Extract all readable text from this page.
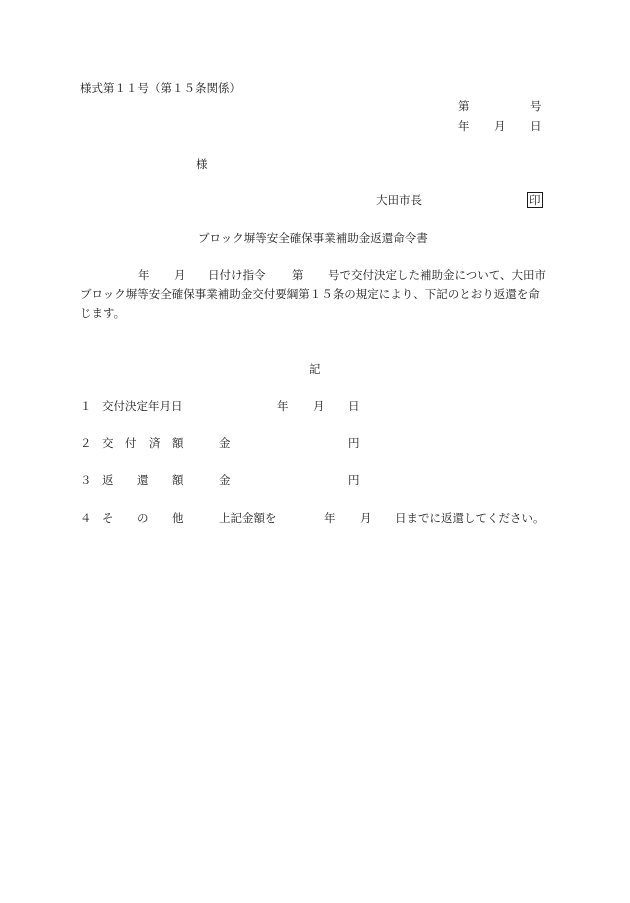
様式第１１号（第１５条関係）
第	号
年 月 日
様
大田市長	印
ブロック塀等安全確保事業補助金返還命令書
年 月 日付け指令 第 号で交付決定した補助金について、大田市
ブロック塀等安全確保事業補助金交付要綱第１５条の規定により、下記のとおり返還を命
じます。
記
１ 交付決定年月日	年 月 日
２ 交 付 済 額	金	円
３ 返 還 額	金	円
４ そ の 他	上記金額を	年 月 日までに返還してください。
